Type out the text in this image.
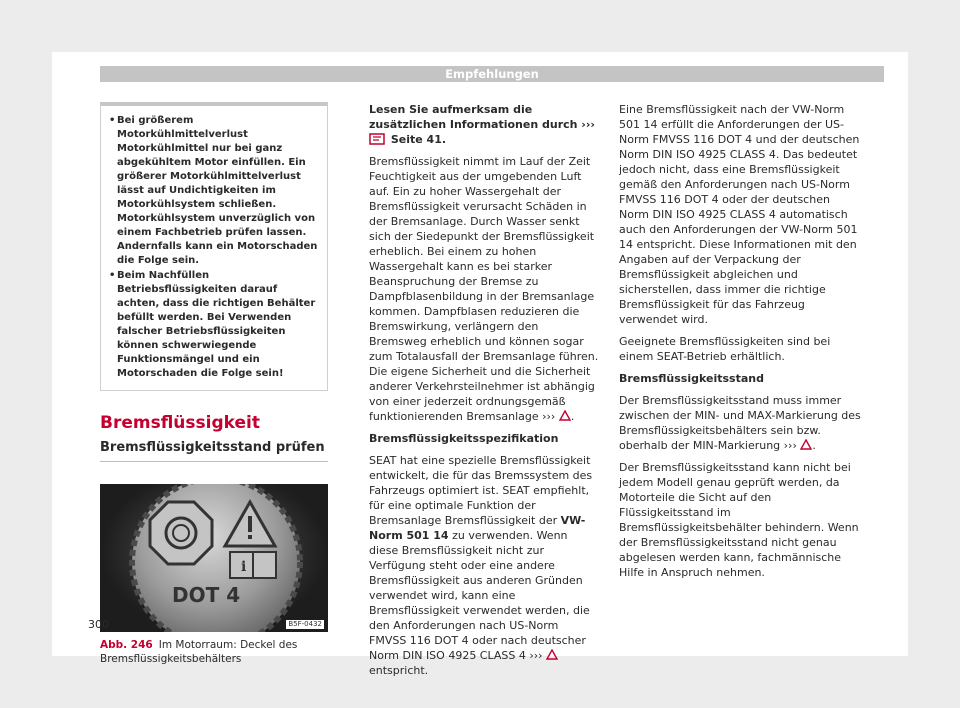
Empfehlungen
• Bei größerem Motorkühlmittelverlust Motorkühlmittel nur bei ganz abgekühltem Motor einfüllen. Ein größerer Motorkühlmittelverlust lässt auf Undichtigkeiten im Motorkühlsystem schließen. Motorkühlsystem unverzüglich von einem Fachbetrieb prüfen lassen. Andernfalls kann ein Motorschaden die Folge sein.
• Beim Nachfüllen Betriebsflüssigkeiten darauf achten, dass die richtigen Behälter befüllt werden. Bei Verwenden falscher Betriebsflüssigkeiten können schwerwiegende Funktionsmängel und ein Motorschaden die Folge sein!
Bremsflüssigkeit
Bremsflüssigkeitsstand prüfen
i
DOT 4
B5F-0432
Abb. 246 Im Motorraum: Deckel des Bremsflüssigkeitsbehälters

Lesen Sie aufmerksam die zusätzlichen Informationen durch ›››  Seite 41.

Bremsflüssigkeit nimmt im Lauf der Zeit Feuchtigkeit aus der umgebenden Luft auf. Ein zu hoher Wassergehalt der Bremsflüssigkeit verursacht Schäden in der Bremsanlage. Durch Wasser senkt sich der Siedepunkt der Bremsflüssigkeit erheblich. Bei einem zu hohen Wassergehalt kann es bei starker Beanspruchung der Bremse zu Dampfblasenbildung in der Bremsanlage kommen. Dampfblasen reduzieren die Bremswirkung, verlängern den Bremsweg erheblich und können sogar zum Totalausfall der Bremsanlage führen. Die eigene Sicherheit und die Sicherheit anderer Verkehrsteilnehmer ist abhängig von einer jederzeit ordnungsgemäß funktionierenden Bremsanlage ››› .

Bremsflüssigkeitsspezifikation

SEAT hat eine spezielle Bremsflüssigkeit entwickelt, die für das Bremssystem des Fahrzeugs optimiert ist. SEAT empfiehlt, für eine optimale Funktion der Bremsanlage Bremsflüssigkeit der VW-Norm 501 14 zu verwenden. Wenn diese Bremsflüssigkeit nicht zur Verfügung steht oder eine andere Bremsflüssigkeit aus anderen Gründen verwendet wird, kann eine Bremsflüssigkeit verwendet werden, die den Anforderungen nach US-Norm FMVSS 116 DOT 4 oder nach deutscher Norm DIN ISO 4925 CLASS 4 ›››  entspricht.

Eine Bremsflüssigkeit nach der VW-Norm 501 14 erfüllt die Anforderungen der US-Norm FMVSS 116 DOT 4 und der deutschen Norm DIN ISO 4925 CLASS 4. Das bedeutet jedoch nicht, dass eine Bremsflüssigkeit gemäß den Anforderungen nach US-Norm FMVSS 116 DOT 4 oder der deutschen Norm DIN ISO 4925 CLASS 4 automatisch auch den Anforderungen der VW-Norm 501 14 entspricht. Diese Informationen mit den Angaben auf der Verpackung der Bremsflüssigkeit abgleichen und sicherstellen, dass immer die richtige Bremsflüssigkeit für das Fahrzeug verwendet wird.

Geeignete Bremsflüssigkeiten sind bei einem SEAT-Betrieb erhältlich.

Bremsflüssigkeitsstand

Der Bremsflüssigkeitsstand muss immer zwischen der MIN- und MAX-Markierung des Bremsflüssigkeitsbehälters sein bzw. oberhalb der MIN-Markierung ››› .

Der Bremsflüssigkeitsstand kann nicht bei jedem Modell genau geprüft werden, da Motorteile die Sicht auf den Flüssigkeitsstand im Bremsflüssigkeitsbehälter behindern. Wenn der Bremsflüssigkeitsstand nicht genau abgelesen werden kann, fachmännische Hilfe in Anspruch nehmen.

300
